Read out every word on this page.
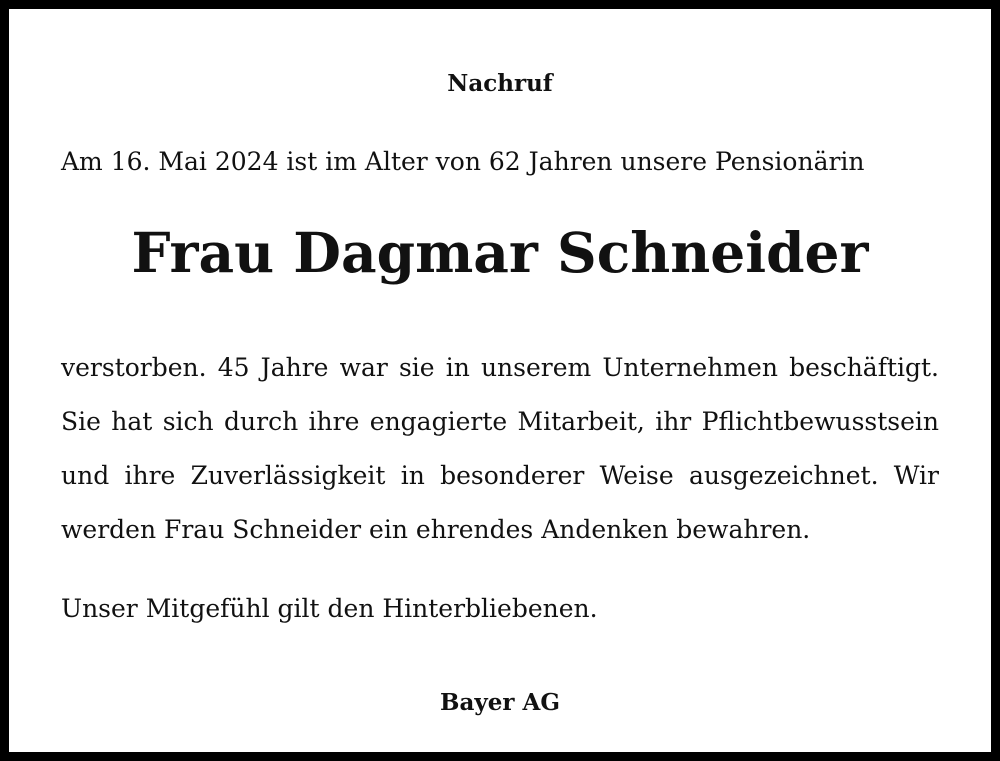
Nachruf
Am 16. Mai 2024 ist im Alter von 62 Jahren unsere Pensionärin
Frau Dagmar Schneider
verstorben. 45 Jahre war sie in unserem Unternehmen beschäftigt. Sie hat sich durch ihre engagierte Mitarbeit, ihr Pflichtbewusstsein und ihre Zuverlässigkeit in besonderer Weise ausgezeichnet. Wir werden Frau Schneider ein ehrendes Andenken bewahren.
Unser Mitgefühl gilt den Hinterbliebenen.
Bayer AG
